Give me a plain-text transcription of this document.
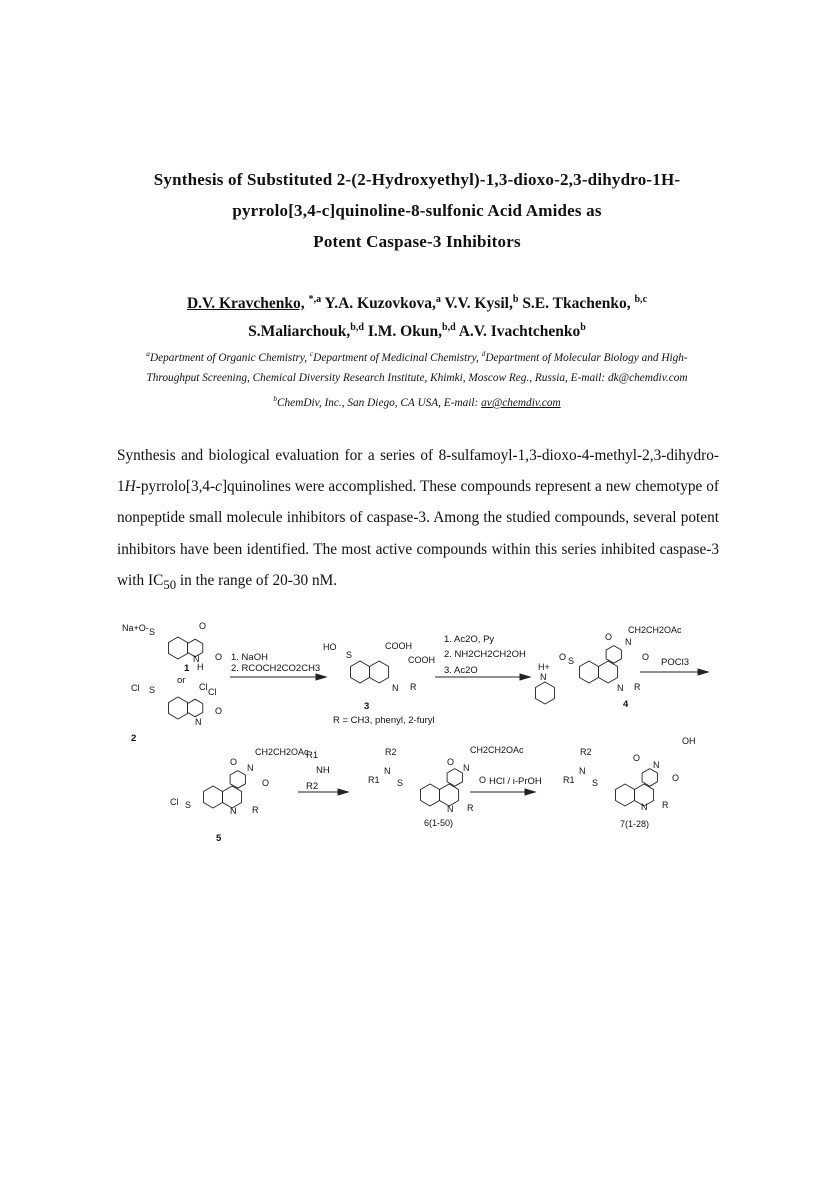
Synthesis of Substituted 2-(2-Hydroxyethyl)-1,3-dioxo-2,3-dihydro-1H-
pyrrolo[3,4-c]quinoline-8-sulfonic Acid Amides as
Potent Caspase-3 Inhibitors
D.V. Kravchenko, $^{*,a}$ Y.A. Kuzovkova,$^a$ V.V. Kysil,$^b$ S.E. Tkachenko, $^{b,c}$
S.Maliarchouk,$^{b,d}$ I.M. Okun,$^{b,d}$ A.V. Ivachtchenko$^b$
$^a$Department of Organic Chemistry, $^c$Department of Medicinal Chemistry, $^d$Department of Molecular Biology and High-
Throughput Screening, Chemical Diversity Research Institute, Khimki, Moscow Reg., Russia, E-mail: dk@chemdiv.com
$^b$ChemDiv, Inc., San Diego, CA USA, E-mail: av@chemdiv.com
Synthesis and biological evaluation for a series of 8-sulfamoyl-1,3-dioxo-4-methyl-2,3-dihydro-1H-pyrrolo[3,4-c]quinolines were accomplished. These compounds represent a new chemotype of nonpeptide small molecule inhibitors of caspase-3. Among the studied compounds, several potent inhibitors have been identified. The most active compounds within this series inhibited caspase-3 with $IC_{50}$ in the range of 20-30 nM.
1. NaOH
2. RCOCH2CO2CH3
1. Ac2O, Py
2. NH2CH2CH2OH
3. Ac2O
POCl3
HCl / i-PrOH
R1
NH
R2
R = CH3, phenyl, 2-furyl
1
or
2
3	4
5
6(1-50)	7(1-28)
Na+O- S
O
O
N
H
Cl S	Cl Cl
O
N
HO
S
COOH
COOH
N R
H+
N
O S
CH2CH2OAc
O N
O
N R
Cl S
CH2CH2OAc
O
N
O
N R
R2
R1
N
S
CH2CH2OAc
O
N
O
N R
R2
R1
N
S
OH
O
N
O
N R
